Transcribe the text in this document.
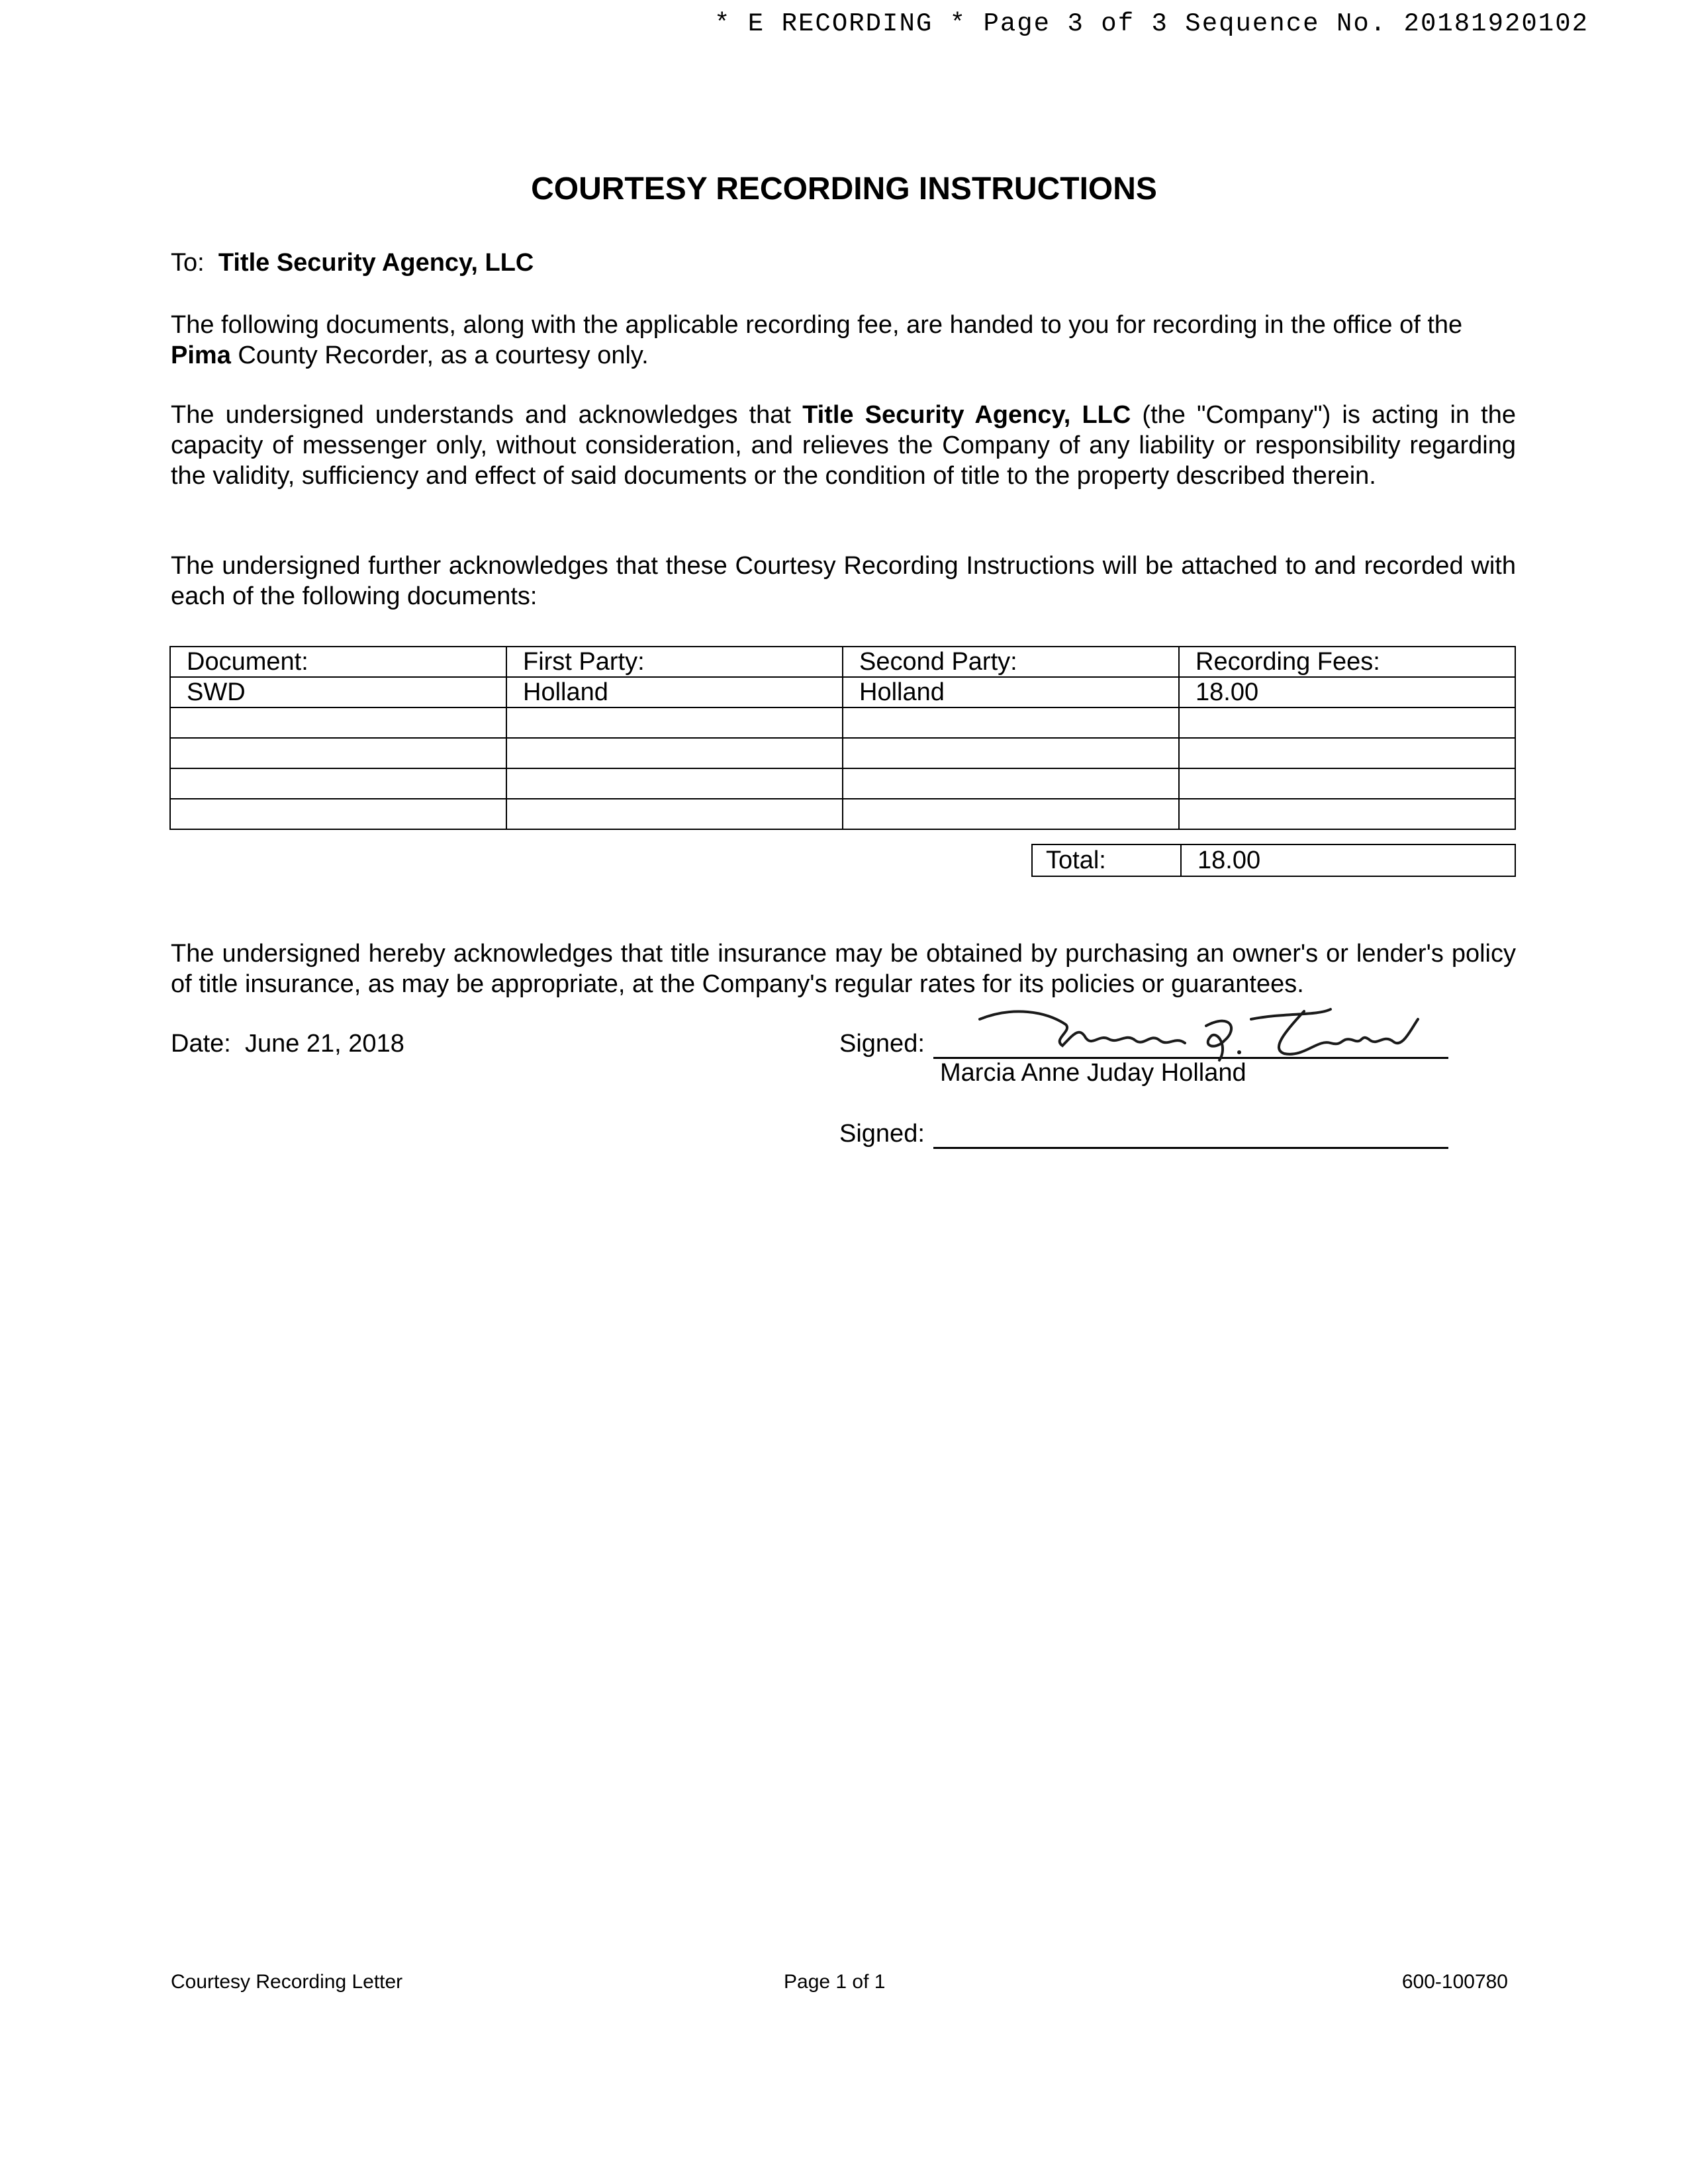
* E RECORDING * Page 3 of 3 Sequence No. 20181920102
COURTESY RECORDING INSTRUCTIONS
To: Title Security Agency, LLC
The following documents, along with the applicable recording fee, are handed to you for recording in the office of the Pima County Recorder, as a courtesy only.
The undersigned understands and acknowledges that Title Security Agency, LLC (the "Company") is acting in the capacity of messenger only, without consideration, and relieves the Company of any liability or responsibility regarding the validity, sufficiency and effect of said documents or the condition of title to the property described therein.
The undersigned further acknowledges that these Courtesy Recording Instructions will be attached to and recorded with each of the following documents:
Document:	First Party:	Second Party:	Recording Fees:
SWD	Holland	Holland	18.00

Total:	18.00
The undersigned hereby acknowledges that title insurance may be obtained by purchasing an owner's or lender's policy of title insurance, as may be appropriate, at the Company's regular rates for its policies or guarantees.
Date: June 21, 2018	Signed:
Marcia Anne Juday Holland
Signed:
Courtesy Recording Letter	Page 1 of 1	600-100780
